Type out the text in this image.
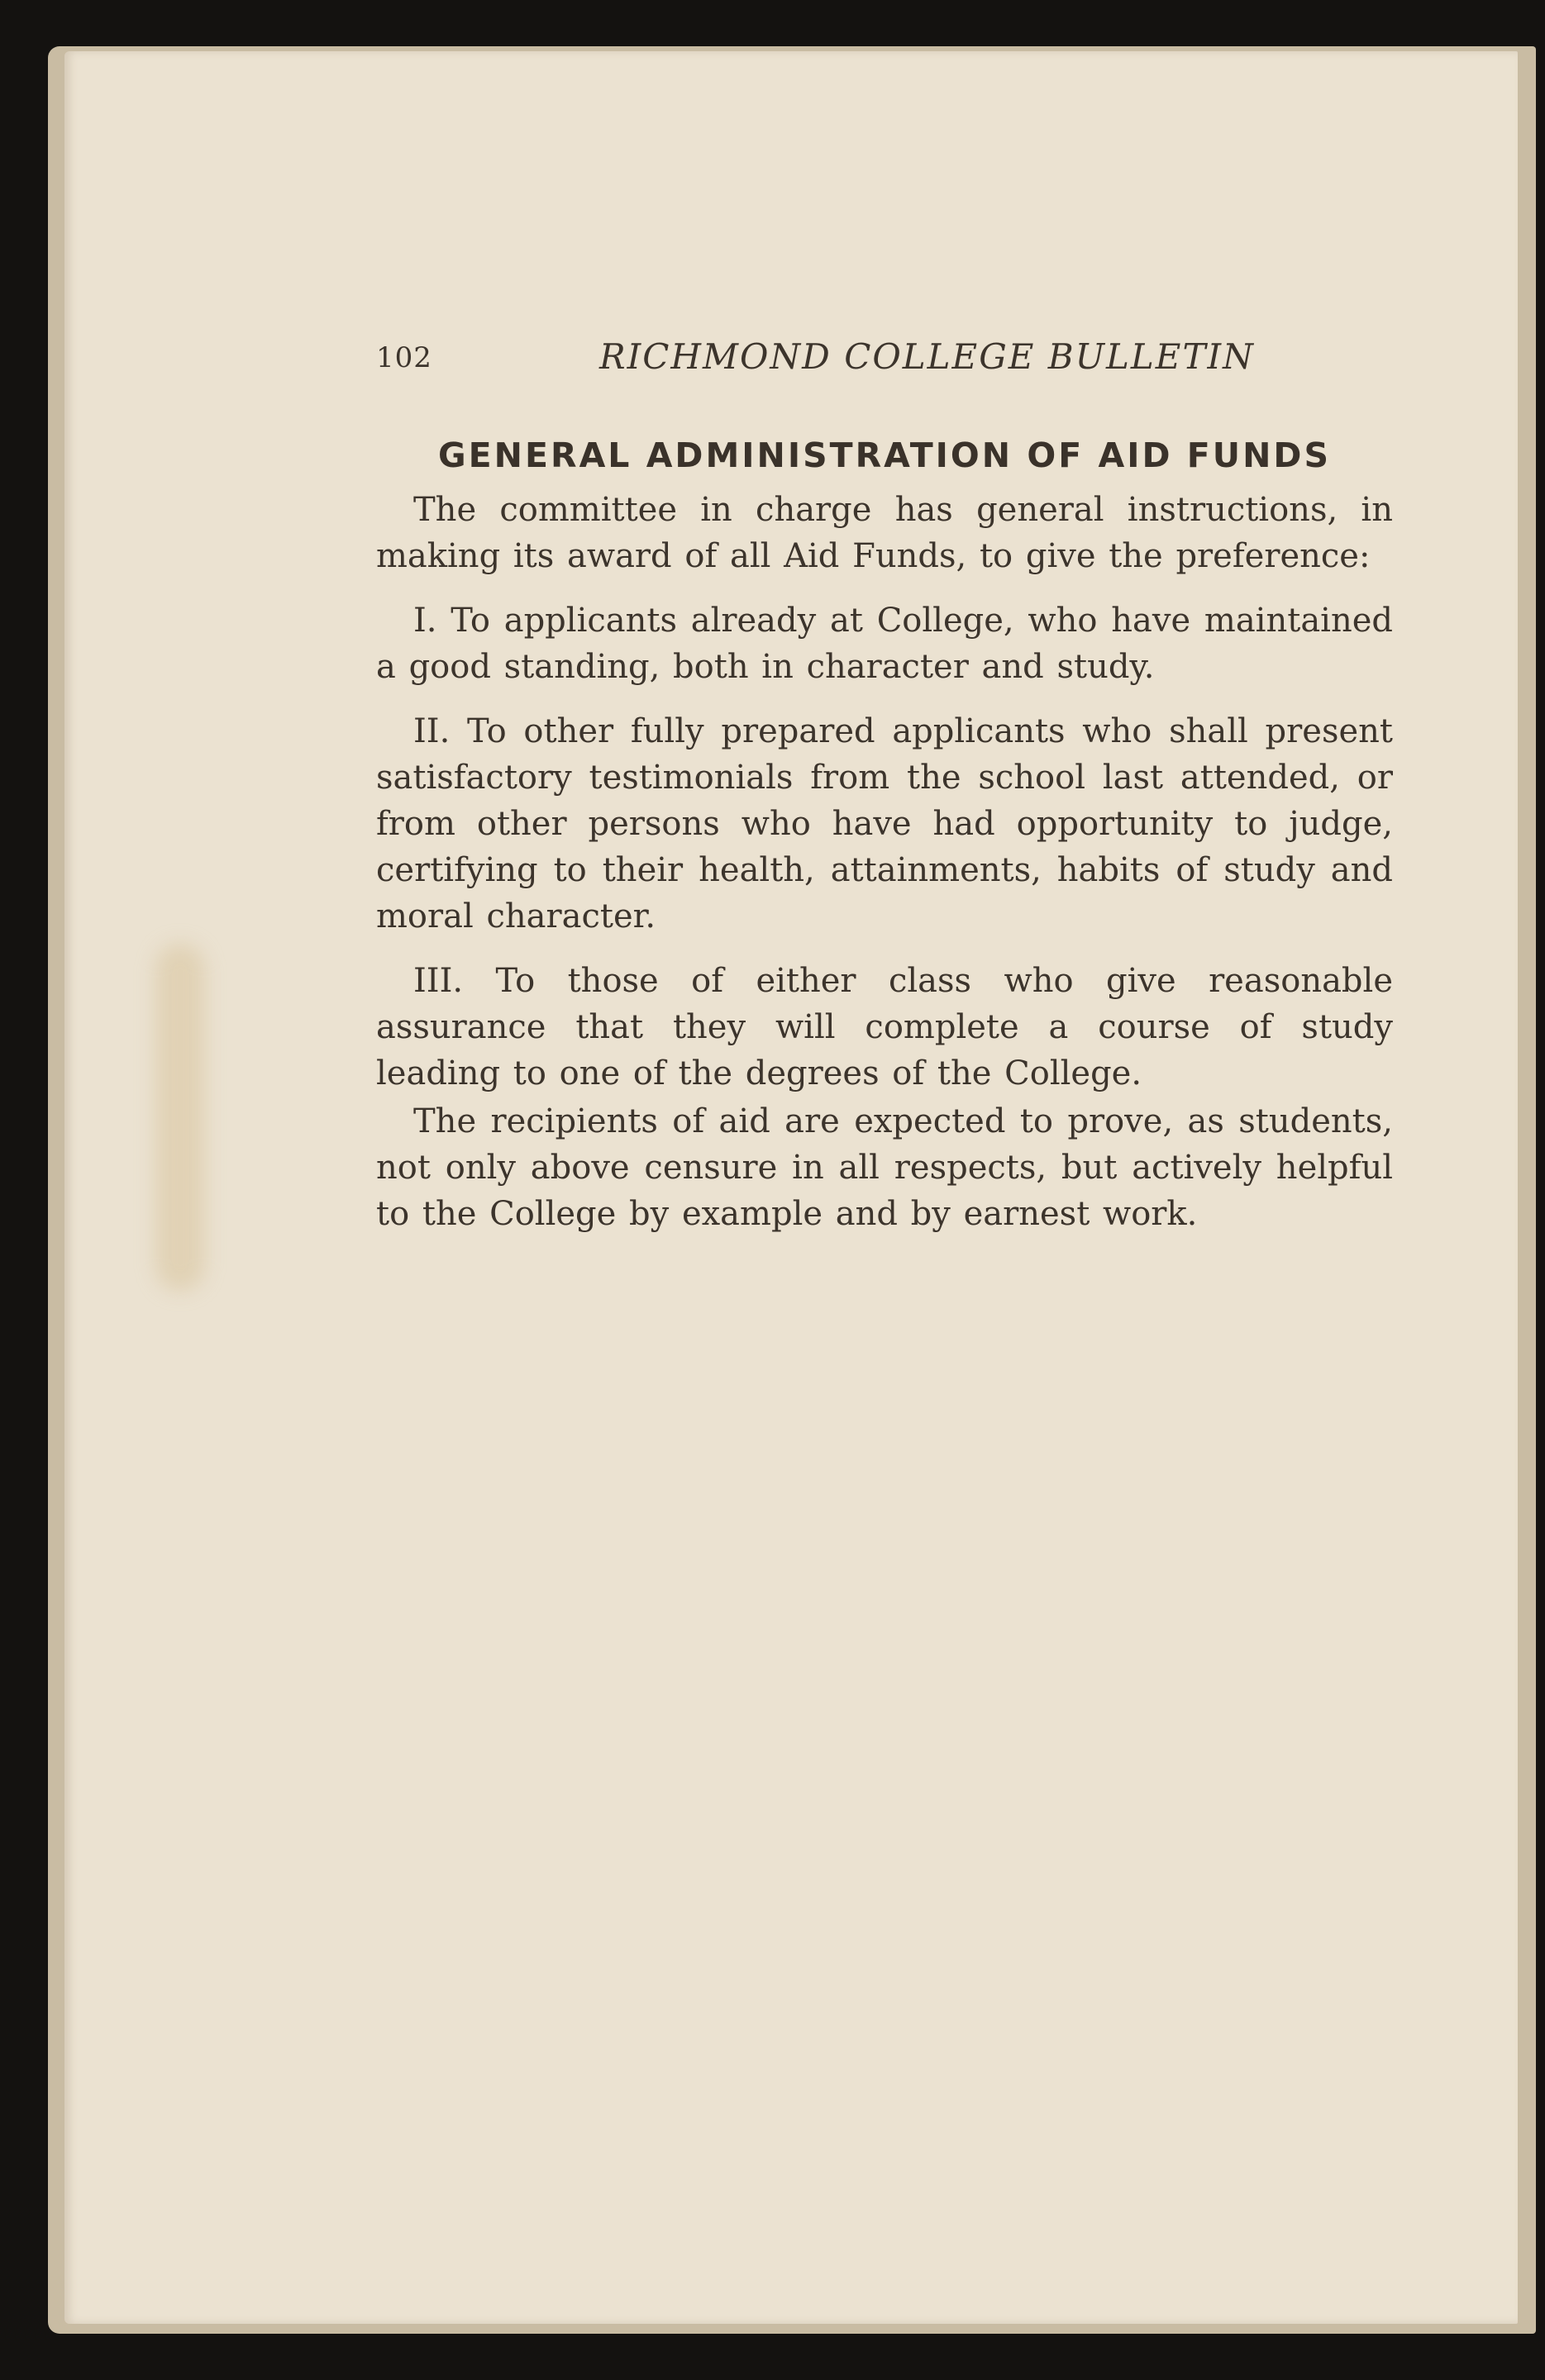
102	RICHMOND COLLEGE BULLETIN
GENERAL ADMINISTRATION OF AID FUNDS

The committee in charge has general instructions, in making its award of all Aid Funds, to give the preference:

I. To applicants already at College, who have maintained a good standing, both in character and study.

II. To other fully prepared applicants who shall present satisfactory testimonials from the school last attended, or from other persons who have had opportunity to judge, certifying to their health, attainments, habits of study and moral character.

III. To those of either class who give reasonable assurance that they will complete a course of study leading to one of the degrees of the College.

The recipients of aid are expected to prove, as students, not only above censure in all respects, but actively helpful to the College by example and by earnest work.
